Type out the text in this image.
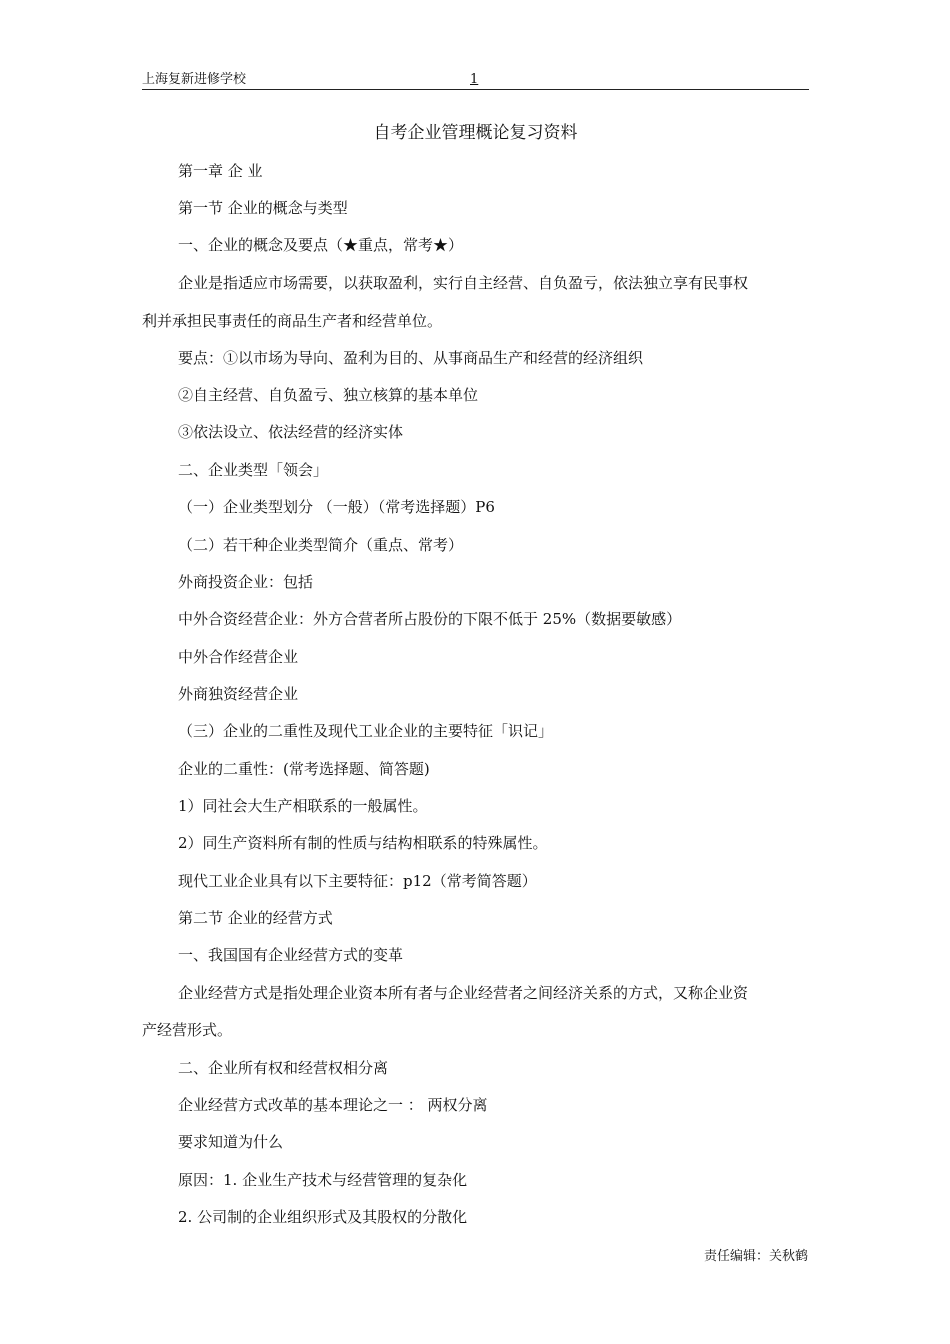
上海复新进修学校	1
自考企业管理概论复习资料
第一章 企 业
第一节 企业的概念与类型
一、企业的概念及要点（★重点，常考★）
企业是指适应市场需要，以获取盈利，实行自主经营、自负盈亏，依法独立享有民事权
利并承担民事责任的商品生产者和经营单位。
要点：①以市场为导向、盈利为目的、从事商品生产和经营的经济组织
②自主经营、自负盈亏、独立核算的基本单位
③依法设立、依法经营的经济实体
二、企业类型「领会」
（一）企业类型划分 （一般）（常考选择题）P6
（二）若干种企业类型简介（重点、常考）
外商投资企业：包括
中外合资经营企业：外方合营者所占股份的下限不低于 25%（数据要敏感）
中外合作经营企业
外商独资经营企业
（三）企业的二重性及现代工业企业的主要特征「识记」
企业的二重性：(常考选择题、简答题)
1）同社会大生产相联系的一般属性。
2）同生产资料所有制的性质与结构相联系的特殊属性。
现代工业企业具有以下主要特征：p12（常考简答题）
第二节 企业的经营方式
一、我国国有企业经营方式的变革
企业经营方式是指处理企业资本所有者与企业经营者之间经济关系的方式，又称企业资
产经营形式。
二、企业所有权和经营权相分离
企业经营方式改革的基本理论之一 ： 两权分离
要求知道为什么
原因：1. 企业生产技术与经营管理的复杂化
2. 公司制的企业组织形式及其股权的分散化
责任编辑：关秋鹤
